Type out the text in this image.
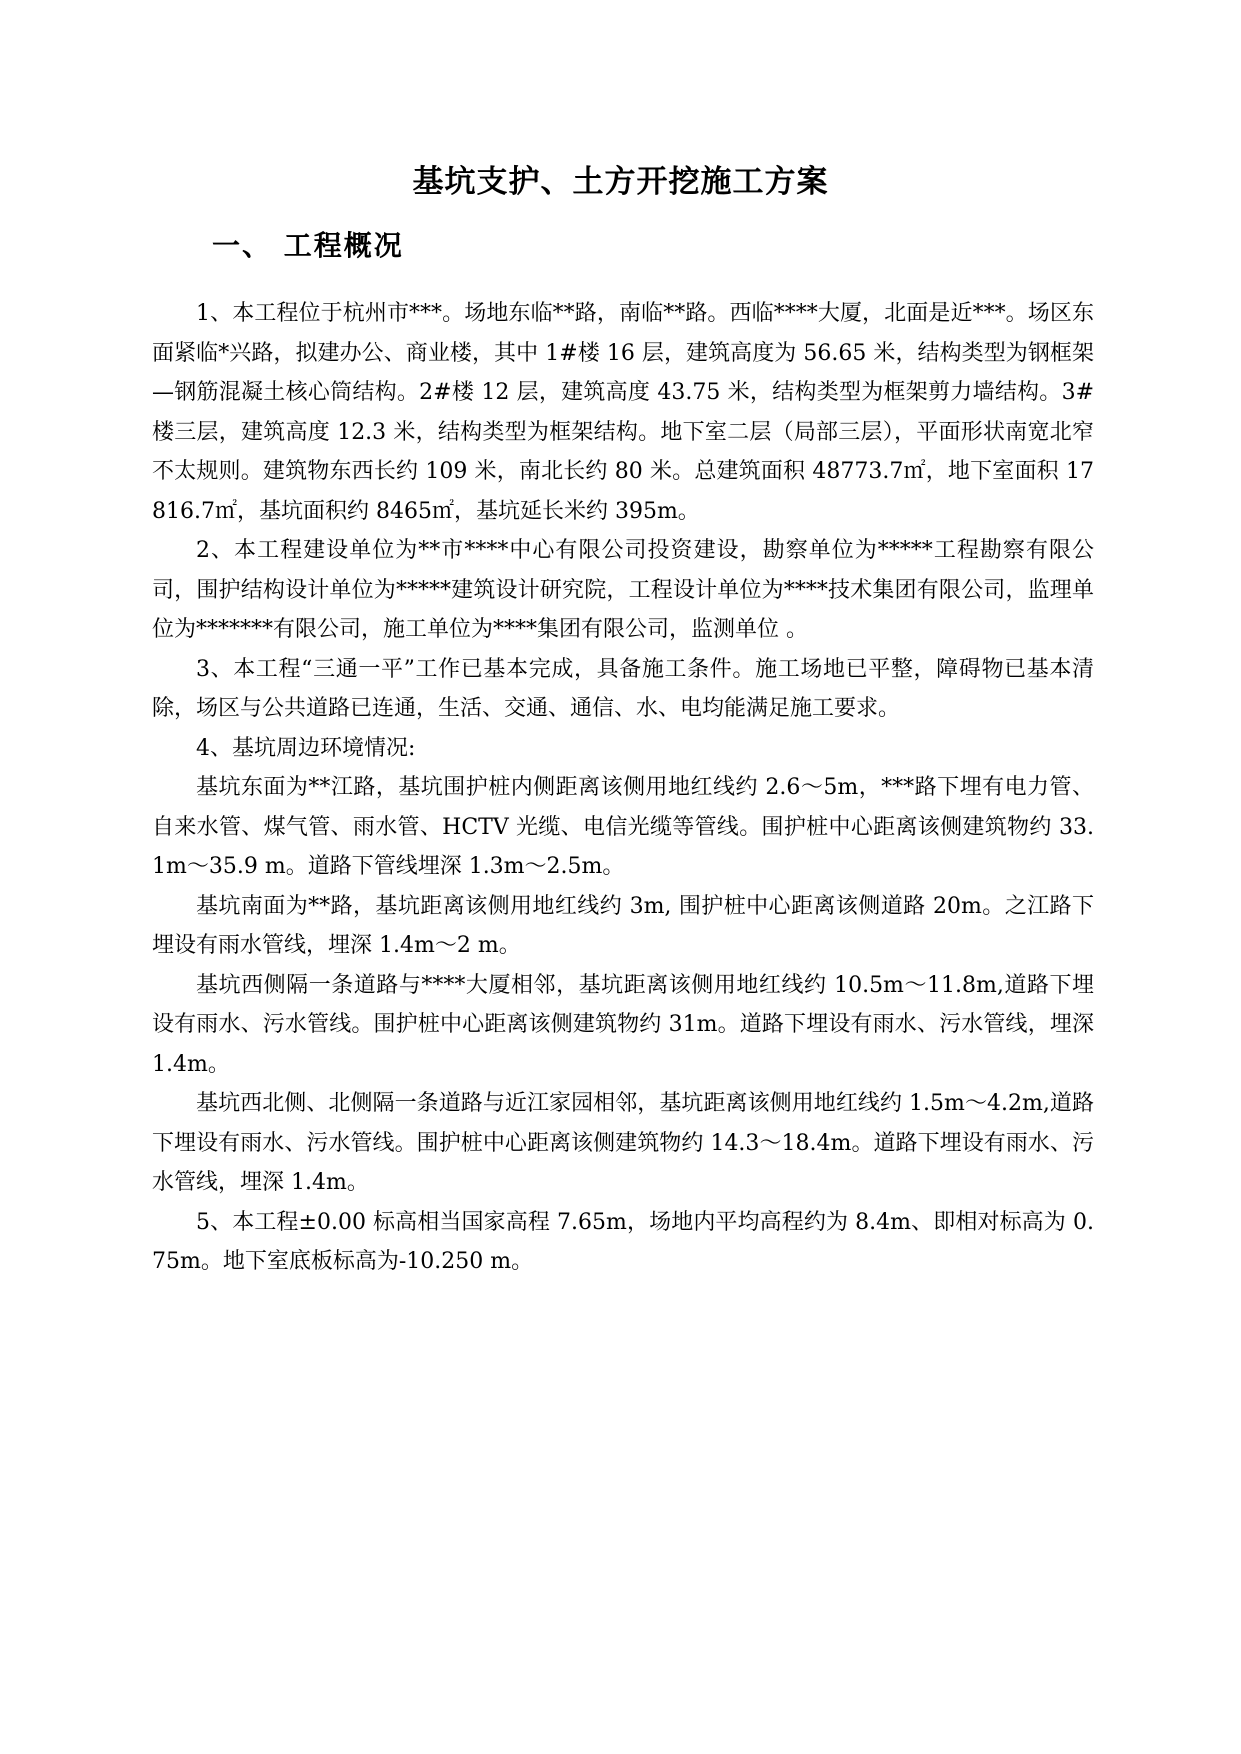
基坑支护、土方开挖施工方案
一、 工程概况

1、本工程位于杭州市***。场地东临**路，南临**路。西临****大厦，北面是近***。场区东面紧临*兴路，拟建办公、商业楼，其中 1#楼 16 层，建筑高度为 56.65 米，结构类型为钢框架—钢筋混凝土核心筒结构。2#楼 12 层，建筑高度 43.75 米，结构类型为框架剪力墙结构。3#楼三层，建筑高度 12.3 米，结构类型为框架结构。地下室二层（局部三层），平面形状南宽北窄不太规则。建筑物东西长约 109 米，南北长约 80 米。总建筑面积 48773.7㎡，地下室面积 17816.7㎡，基坑面积约 8465㎡，基坑延长米约 395m。

2、本工程建设单位为**市****中心有限公司投资建设，勘察单位为*****工程勘察有限公司，围护结构设计单位为*****建筑设计研究院，工程设计单位为****技术集团有限公司，监理单位为*******有限公司，施工单位为****集团有限公司，监测单位 。

3、本工程“三通一平”工作已基本完成，具备施工条件。施工场地已平整，障碍物已基本清除，场区与公共道路已连通，生活、交通、通信、水、电均能满足施工要求。

4、基坑周边环境情况:

基坑东面为**江路，基坑围护桩内侧距离该侧用地红线约 2.6～5m，***路下埋有电力管、自来水管、煤气管、雨水管、HCTV 光缆、电信光缆等管线。围护桩中心距离该侧建筑物约 33.1m～35.9 m。道路下管线埋深 1.3m～2.5m。

基坑南面为**路，基坑距离该侧用地红线约 3m, 围护桩中心距离该侧道路 20m。之江路下埋设有雨水管线，埋深 1.4m～2 m。

基坑西侧隔一条道路与****大厦相邻，基坑距离该侧用地红线约 10.5m～11.8m,道路下埋设有雨水、污水管线。围护桩中心距离该侧建筑物约 31m。道路下埋设有雨水、污水管线，埋深 1.4m。

基坑西北侧、北侧隔一条道路与近江家园相邻，基坑距离该侧用地红线约 1.5m～4.2m,道路下埋设有雨水、污水管线。围护桩中心距离该侧建筑物约 14.3～18.4m。道路下埋设有雨水、污水管线，埋深 1.4m。

5、本工程±0.00 标高相当国家高程 7.65m，场地内平均高程约为 8.4m、即相对标高为 0.75m。地下室底板标高为-10.250 m。
